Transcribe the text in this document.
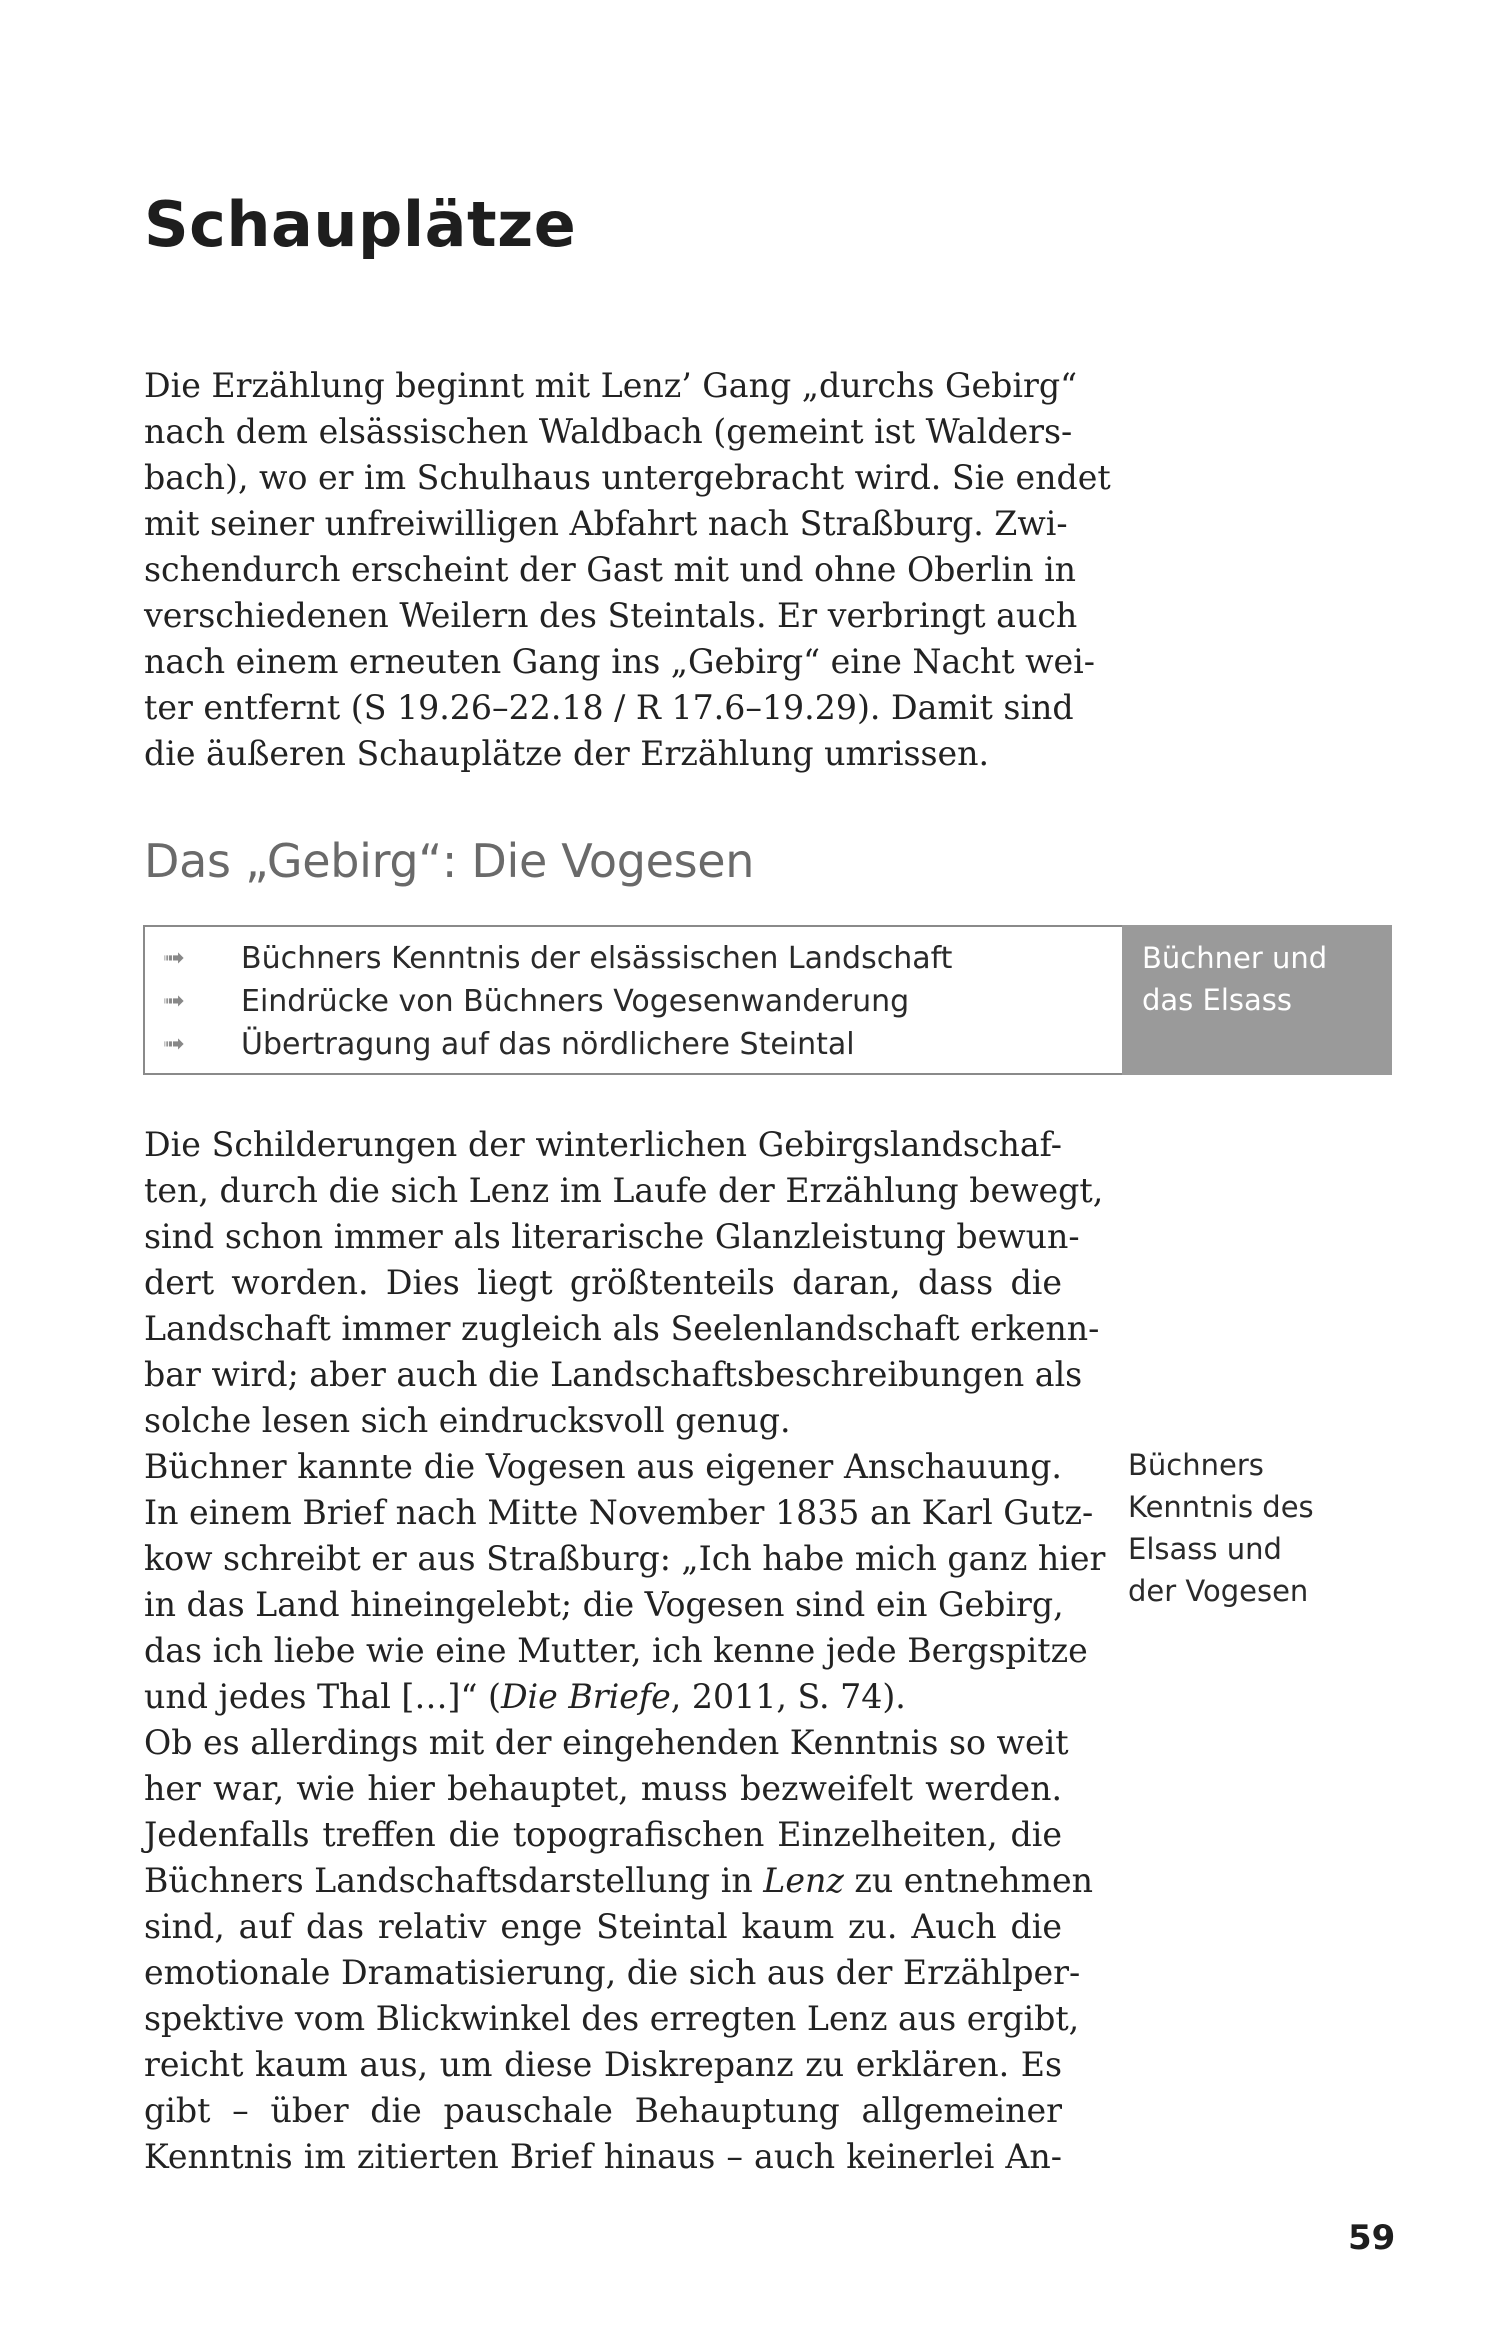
Schauplätze

Die Erzählung beginnt mit Lenz’ Gang „durchs Gebirg“
nach dem elsässischen Waldbach (gemeint ist Walders-
bach), wo er im Schulhaus untergebracht wird. Sie endet
mit seiner unfreiwilligen Abfahrt nach Straßburg. Zwi-
schendurch erscheint der Gast mit und ohne Oberlin in
verschiedenen Weilern des Steintals. Er verbringt auch
nach einem erneuten Gang ins „Gebirg“ eine Nacht wei-
ter entfernt (S 19.26–22.18 / R 17.6–19.29). Damit sind
die äußeren Schauplätze der Erzählung umrissen.

Das „Gebirg“: Die Vogesen
➟	Büchners Kenntnis der elsässischen Landschaft
➟	Eindrücke von Büchners Vogesenwanderung
➟	Übertragung auf das nördlichere Steintal
Büchner und
das Elsass

Die Schilderungen der winterlichen Gebirgslandschaf-
ten, durch die sich Lenz im Laufe der Erzählung bewegt,
sind schon immer als literarische Glanzleistung bewun-
dert worden. Dies liegt größtenteils daran, dass die
Landschaft immer zugleich als Seelenlandschaft erkenn-
bar wird; aber auch die Landschaftsbeschreibungen als
solche lesen sich eindrucksvoll genug.

Büchner kannte die Vogesen aus eigener Anschauung.
In einem Brief nach Mitte November 1835 an Karl Gutz-
kow schreibt er aus Straßburg: „Ich habe mich ganz hier
in das Land hineingelebt; die Vogesen sind ein Gebirg,
das ich liebe wie eine Mutter, ich kenne jede Bergspitze
und jedes Thal […]“ (Die Briefe, 2011, S. 74).

Büchners
Kenntnis des
Elsass und
der Vogesen

Ob es allerdings mit der eingehenden Kenntnis so weit
her war, wie hier behauptet, muss bezweifelt werden.
Jedenfalls treffen die topografischen Einzelheiten, die
Büchners Landschaftsdarstellung in Lenz zu entnehmen
sind, auf das relativ enge Steintal kaum zu. Auch die
emotionale Dramatisierung, die sich aus der Erzählper-
spektive vom Blickwinkel des erregten Lenz aus ergibt,
reicht kaum aus, um diese Diskrepanz zu erklären. Es
gibt – über die pauschale Behauptung allgemeiner
Kenntnis im zitierten Brief hinaus – auch keinerlei An-

59
